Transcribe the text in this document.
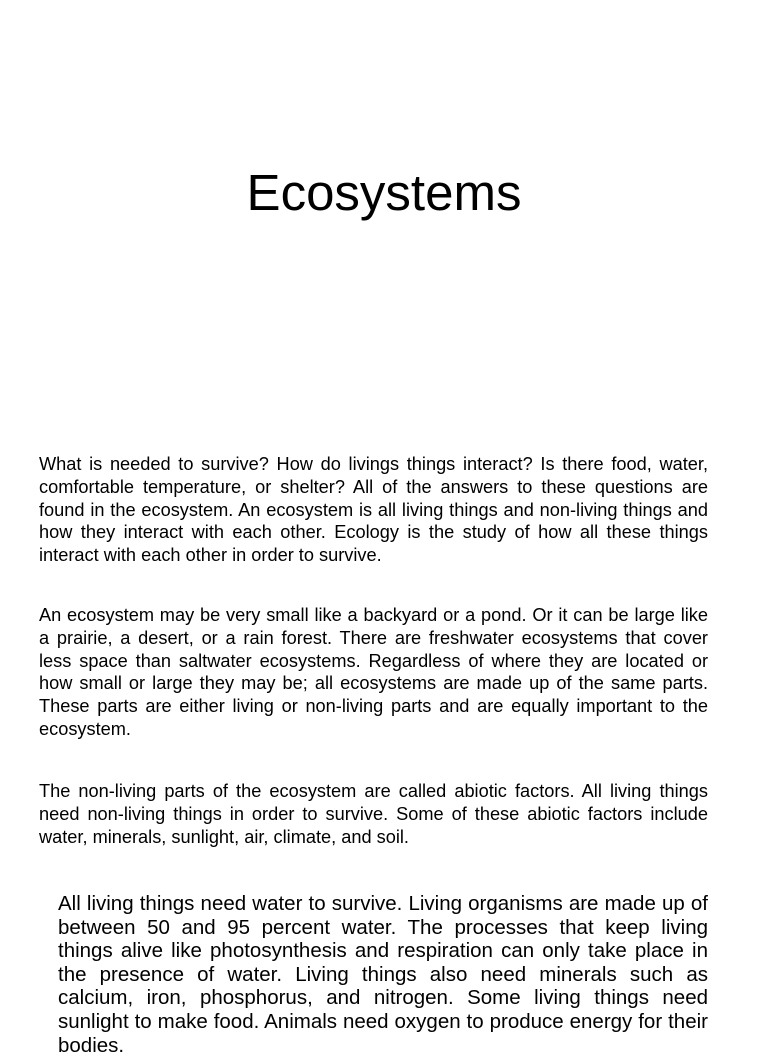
Ecosystems

What is needed to survive? How do livings things interact? Is there food, water, comfortable temperature, or shelter? All of the answers to these questions are found in the ecosystem. An ecosystem is all living things and non-living things and how they interact with each other. Ecology is the study of how all these things interact with each other in order to survive.

An ecosystem may be very small like a backyard or a pond. Or it can be large like a prairie, a desert, or a rain forest. There are freshwater ecosystems that cover less space than saltwater ecosystems. Regardless of where they are located or how small or large they may be; all ecosystems are made up of the same parts. These parts are either living or non-living parts and are equally important to the ecosystem.

The non-living parts of the ecosystem are called abiotic factors. All living things need non-living things in order to survive. Some of these abiotic factors include water, minerals, sunlight, air, climate, and soil.

All living things need water to survive. Living organisms are made up of between 50 and 95 percent water. The processes that keep living things alive like photosynthesis and respiration can only take place in the presence of water. Living things also need minerals such as calcium, iron, phosphorus, and nitrogen. Some living things need sunlight to make food. Animals need oxygen to produce energy for their bodies.
